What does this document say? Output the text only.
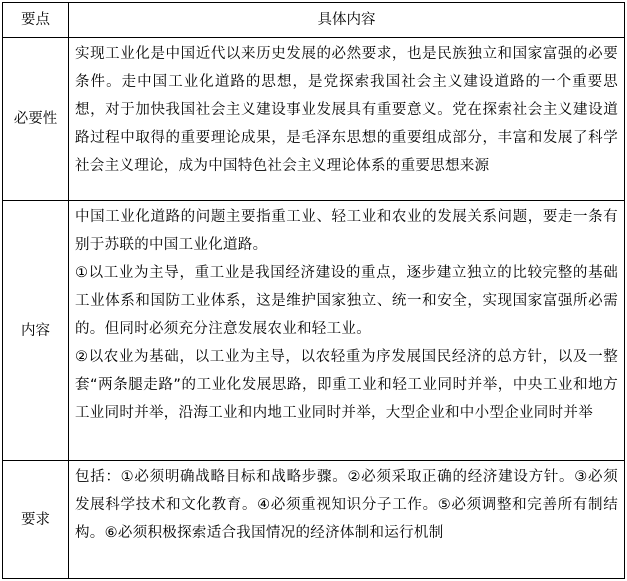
要点	具体内容
必要性	实现工业化是中国近代以来历史发展的必然要求，也是民族独立和国家富强的必要条件。走中国工业化道路的思想，是党探索我国社会主义建设道路的一个重要思想，对于加快我国社会主义建设事业发展具有重要意义。党在探索社会主义建设道路过程中取得的重要理论成果，是毛泽东思想的重要组成部分，丰富和发展了科学社会主义理论，成为中国特色社会主义理论体系的重要思想来源

内容	中国工业化道路的问题主要指重工业、轻工业和农业的发展关系问题，要走一条有别于苏联的中国工业化道路。

①以工业为主导，重工业是我国经济建设的重点，逐步建立独立的比较完整的基础工业体系和国防工业体系，这是维护国家独立、统一和安全，实现国家富强所必需的。但同时必须充分注意发展农业和轻工业。

②以农业为基础，以工业为主导，以农轻重为序发展国民经济的总方针，以及一整套“两条腿走路”的工业化发展思路，即重工业和轻工业同时并举，中央工业和地方工业同时并举，沿海工业和内地工业同时并举，大型企业和中小型企业同时并举

要求	包括：①必须明确战略目标和战略步骤。②必须采取正确的经济建设方针。③必须发展科学技术和文化教育。④必须重视知识分子工作。⑤必须调整和完善所有制结构。⑥必须积极探索适合我国情况的经济体制和运行机制
